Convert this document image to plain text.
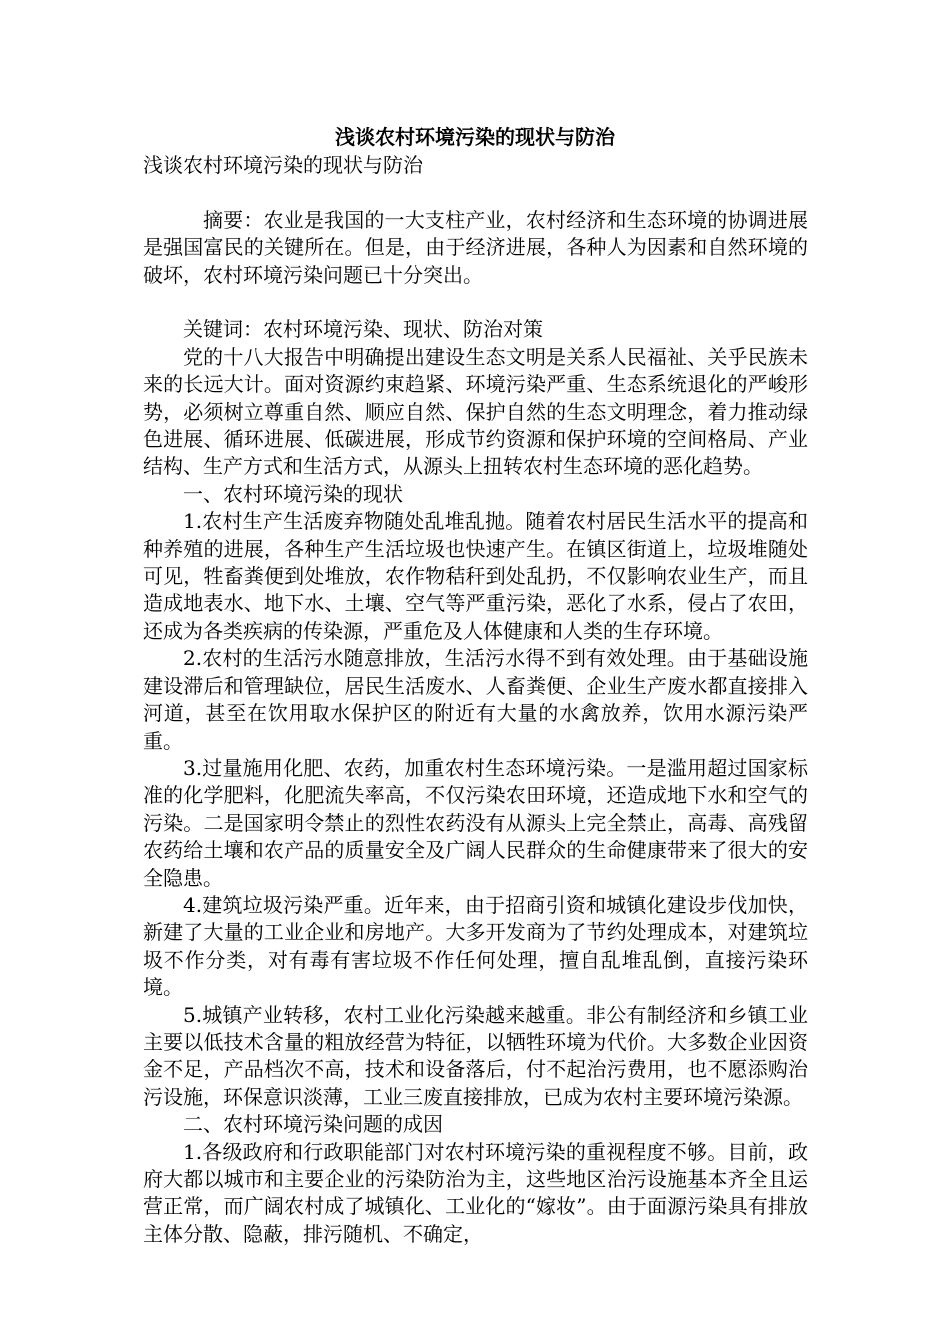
浅谈农村环境污染的现状与防治

浅谈农村环境污染的现状与防治

摘要：农业是我国的一大支柱产业，农村经济和生态环境的协调进展是强国富民的关键所在。但是，由于经济进展，各种人为因素和自然环境的破坏，农村环境污染问题已十分突出。

关键词：农村环境污染、现状、防治对策

党的十八大报告中明确提出建设生态文明是关系人民福祉、关乎民族未来的长远大计。面对资源约束趋紧、环境污染严重、生态系统退化的严峻形势，必须树立尊重自然、顺应自然、保护自然的生态文明理念，着力推动绿色进展、循环进展、低碳进展，形成节约资源和保护环境的空间格局、产业结构、生产方式和生活方式，从源头上扭转农村生态环境的恶化趋势。

一、农村环境污染的现状

1.农村生产生活废弃物随处乱堆乱抛。随着农村居民生活水平的提高和种养殖的进展，各种生产生活垃圾也快速产生。在镇区街道上，垃圾堆随处可见，牲畜粪便到处堆放，农作物秸秆到处乱扔，不仅影响农业生产，而且造成地表水、地下水、土壤、空气等严重污染，恶化了水系，侵占了农田，还成为各类疾病的传染源，严重危及人体健康和人类的生存环境。

2.农村的生活污水随意排放，生活污水得不到有效处理。由于基础设施建设滞后和管理缺位，居民生活废水、人畜粪便、企业生产废水都直接排入河道，甚至在饮用取水保护区的附近有大量的水禽放养，饮用水源污染严重。

3.过量施用化肥、农药，加重农村生态环境污染。一是滥用超过国家标准的化学肥料，化肥流失率高，不仅污染农田环境，还造成地下水和空气的污染。二是国家明令禁止的烈性农药没有从源头上完全禁止，高毒、高残留农药给土壤和农产品的质量安全及广阔人民群众的生命健康带来了很大的安全隐患。

4.建筑垃圾污染严重。近年来，由于招商引资和城镇化建设步伐加快，新建了大量的工业企业和房地产。大多开发商为了节约处理成本，对建筑垃圾不作分类，对有毒有害垃圾不作任何处理，擅自乱堆乱倒，直接污染环境。

5.城镇产业转移，农村工业化污染越来越重。非公有制经济和乡镇工业主要以低技术含量的粗放经营为特征，以牺牲环境为代价。大多数企业因资金不足，产品档次不高，技术和设备落后，付不起治污费用，也不愿添购治污设施，环保意识淡薄，工业三废直接排放，已成为农村主要环境污染源。

二、农村环境污染问题的成因

1.各级政府和行政职能部门对农村环境污染的重视程度不够。目前，政府大都以城市和主要企业的污染防治为主，这些地区治污设施基本齐全且运营正常，而广阔农村成了城镇化、工业化的“嫁妆”。由于面源污染具有排放主体分散、隐蔽，排污随机、不确定，
